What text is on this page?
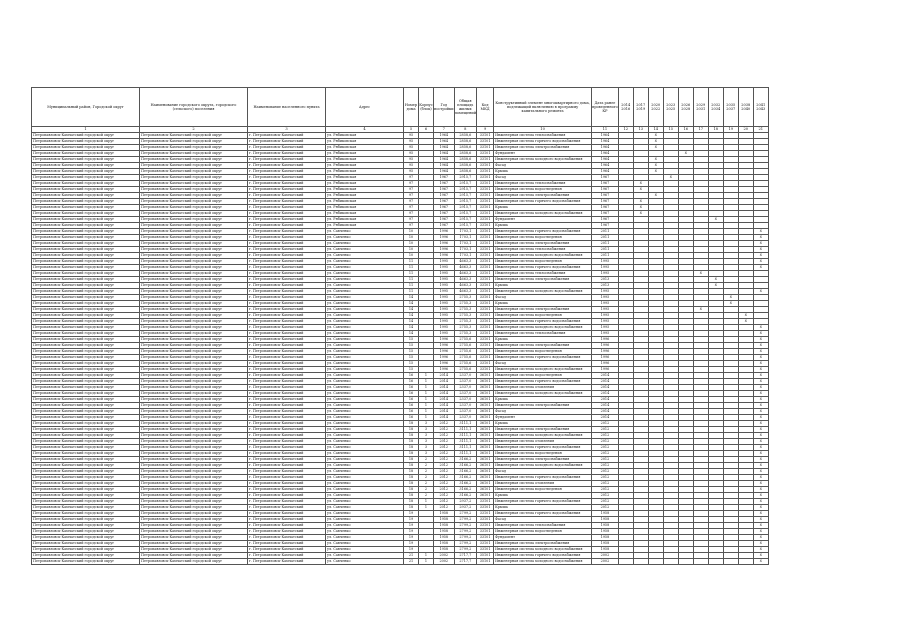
Муниципальный район, Городской округ	Наименование городского округа, городского (сельского) поселения	Наименование населенного пункта	Адрес	Номер дома	Корпус (блок)	Год постройки	Общая площадь жилых помещений	Код МКД	Конструктивный элемент многоквартирного дома, подлежащий включению в программу капитального ремонта	Дата ранее проведенного КР	2014 2016	2017 2019	2020 2022	2023 2025	2026 2028	2029 2031	2032 2034	2035 2037	2038 2040	2041 2043
1	2	3	4	5	6	7	8	9	10	11	12	13	14	15	16	17	18	19	20	21
Петропавловск-Камчатский городской округ	Петропавловск-Камчатский городской округ	г. Петропавловск-Камчатский	ул. Рябиковская	95		1964	2858,6	33101	Инженерная система теплоснабжения	1964			X							
Петропавловск-Камчатский городской округ	Петропавловск-Камчатский городской округ	г. Петропавловск-Камчатский	ул. Рябиковская	95		1964	2858,6	33101	Инженерная система горячего водоснабжения	1964			X							
Петропавловск-Камчатский городской округ	Петропавловск-Камчатский городской округ	г. Петропавловск-Камчатский	ул. Рябиковская	95		1964	2858,6	33101	Инженерная система электроснабжения	1964			X							
Петропавловск-Камчатский городской округ	Петропавловск-Камчатский городской округ	г. Петропавловск-Камчатский	ул. Рябиковская	95		1964	2858,6	33101	Фундамент	1964					X					
Петропавловск-Камчатский городской округ	Петропавловск-Камчатский городской округ	г. Петропавловск-Камчатский	ул. Рябиковская	95		1964	2858,6	33101	Инженерная система холодного водоснабжения	1964			X							
Петропавловск-Камчатский городской округ	Петропавловск-Камчатский городской округ	г. Петропавловск-Камчатский	ул. Рябиковская	95		1964	2858,6	33101	Фасад	1964			X							
Петропавловск-Камчатский городской округ	Петропавловск-Камчатский городской округ	г. Петропавловск-Камчатский	ул. Рябиковская	95		1964	2858,6	33101	Крыша	1964			X							
Петропавловск-Камчатский городской округ	Петропавловск-Камчатский городской округ	г. Петропавловск-Камчатский	ул. Рябиковская	97		1967	2915,7	33101	Фасад	1967				X						
Петропавловск-Камчатский городской округ	Петропавловск-Камчатский городской округ	г. Петропавловск-Камчатский	ул. Рябиковская	97		1967	2915,7	33101	Инженерная система теплоснабжения	1967		X								
Петропавловск-Камчатский городской округ	Петропавловск-Камчатский городской округ	г. Петропавловск-Камчатский	ул. Рябиковская	97		1967	2915,7	33101	Инженерная система водоотведения	1967		X								
Петропавловск-Камчатский городской округ	Петропавловск-Камчатский городской округ	г. Петропавловск-Камчатский	ул. Рябиковская	97		1967	2915,7	33101	Инженерная система электроснабжения	1967			X							
Петропавловск-Камчатский городской округ	Петропавловск-Камчатский городской округ	г. Петропавловск-Камчатский	ул. Рябиковская	97		1967	2915,7	33101	Инженерная система горячего водоснабжения	1967		X								
Петропавловск-Камчатский городской округ	Петропавловск-Камчатский городской округ	г. Петропавловск-Камчатский	ул. Рябиковская	97		1967	2915,7	33101	Крыша	1967		X								
Петропавловск-Камчатский городской округ	Петропавловск-Камчатский городской округ	г. Петропавловск-Камчатский	ул. Рябиковская	97		1967	2915,7	33101	Инженерная система холодного водоснабжения	1967		X								
Петропавловск-Камчатский городской округ	Петропавловск-Камчатский городской округ	г. Петропавловск-Камчатский	ул. Рябиковская	97		1967	2915,7	33101	Фундамент	1967							X			
Петропавловск-Камчатский городской округ	Петропавловск-Камчатский городской округ	г. Петропавловск-Камчатский	ул. Рябиковская	97		1967	2915,7	33101	Крыша	1967										
Петропавловск-Камчатский городской округ	Петропавловск-Камчатский городской округ	г. Петропавловск-Камчатский	ул. Савченко	10		1996	1703,1	33101	Инженерная система горячего водоснабжения	2011										X
Петропавловск-Камчатский городской округ	Петропавловск-Камчатский городской округ	г. Петропавловск-Камчатский	ул. Савченко	10		1996	1703,1	33101	Инженерная система водоотведения	2011										X
Петропавловск-Камчатский городской округ	Петропавловск-Камчатский городской округ	г. Петропавловск-Камчатский	ул. Савченко	10		1996	1703,1	33101	Инженерная система электроснабжения	2011										X
Петропавловск-Камчатский городской округ	Петропавловск-Камчатский городской округ	г. Петропавловск-Камчатский	ул. Савченко	10		1996	1703,1	33101	Инженерная система теплоснабжения	2011										X
Петропавловск-Камчатский городской округ	Петропавловск-Камчатский городской округ	г. Петропавловск-Камчатский	ул. Савченко	10		1996	1703,1	33101	Инженерная система холодного водоснабжения	2011										X
Петропавловск-Камчатский городской округ	Петропавловск-Камчатский городской округ	г. Петропавловск-Камчатский	ул. Савченко	11		1995	4663,3	33101	Инженерная система водоотведения	1995										X
Петропавловск-Камчатский городской округ	Петропавловск-Камчатский городской округ	г. Петропавловск-Камчатский	ул. Савченко	11		1995	4663,3	33101	Инженерная система горячего водоснабжения	1995										X
Петропавловск-Камчатский городской округ	Петропавловск-Камчатский городской округ	г. Петропавловск-Камчатский	ул. Савченко	11		1995	4663,3	33101	Инженерная система теплоснабжения	1995						X				
Петропавловск-Камчатский городской округ	Петропавловск-Камчатский городской округ	г. Петропавловск-Камчатский	ул. Савченко	11		1995	4663,3	33101	Инженерная система электроснабжения	2013							X			
Петропавловск-Камчатский городской округ	Петропавловск-Камчатский городской округ	г. Петропавловск-Камчатский	ул. Савченко	11		1995	4663,3	33101	Крыша	2013							X			
Петропавловск-Камчатский городской округ	Петропавловск-Камчатский городской округ	г. Петропавловск-Камчатский	ул. Савченко	11		1995	4663,3	33101	Инженерная система холодного водоснабжения	1995										X
Петропавловск-Камчатский городской округ	Петропавловск-Камчатский городской округ	г. Петропавловск-Камчатский	ул. Савченко	14		1995	2755,3	33101	Фасад	1995								X		
Петропавловск-Камчатский городской округ	Петропавловск-Камчатский городской округ	г. Петропавловск-Камчатский	ул. Савченко	14		1995	2755,3	33101	Крыша	1995								X		
Петропавловск-Камчатский городской округ	Петропавловск-Камчатский городской округ	г. Петропавловск-Камчатский	ул. Савченко	14		1995	2755,3	33101	Инженерная система электроснабжения	1995						X				
Петропавловск-Камчатский городской округ	Петропавловск-Камчатский городской округ	г. Петропавловск-Камчатский	ул. Савченко	14		1995	2755,3	33101	Инженерная система водоотведения	1995									X	
Петропавловск-Камчатский городской округ	Петропавловск-Камчатский городской округ	г. Петропавловск-Камчатский	ул. Савченко	14		1995	2755,3	33101	Инженерная система горячего водоснабжения	1995									X	
Петропавловск-Камчатский городской округ	Петропавловск-Камчатский городской округ	г. Петропавловск-Камчатский	ул. Савченко	14		1995	2755,3	33101	Инженерная система холодного водоснабжения	1995										X
Петропавловск-Камчатский городской округ	Петропавловск-Камчатский городской округ	г. Петропавловск-Камчатский	ул. Савченко	14		1995	2755,3	33101	Инженерная система теплоснабжения	1995										X
Петропавловск-Камчатский городской округ	Петропавловск-Камчатский городской округ	г. Петропавловск-Камчатский	ул. Савченко	15		1996	2755,6	33101	Крыша	1996										X
Петропавловск-Камчатский городской округ	Петропавловск-Камчатский городской округ	г. Петропавловск-Камчатский	ул. Савченко	15		1996	2755,6	33101	Инженерная система электроснабжения	1996										X
Петропавловск-Камчатский городской округ	Петропавловск-Камчатский городской округ	г. Петропавловск-Камчатский	ул. Савченко	15		1996	2755,6	33101	Инженерная система водоотведения	1996										X
Петропавловск-Камчатский городской округ	Петропавловск-Камчатский городской округ	г. Петропавловск-Камчатский	ул. Савченко	15		1996	2755,6	33101	Инженерная система горячего водоснабжения	1996										X
Петропавловск-Камчатский городской округ	Петропавловск-Камчатский городской округ	г. Петропавловск-Камчатский	ул. Савченко	15		1996	2755,6	33101	Фасад	1996										X
Петропавловск-Камчатский городской округ	Петропавловск-Камчатский городской округ	г. Петропавловск-Камчатский	ул. Савченко	15		1996	2755,6	33101	Инженерная система холодного водоснабжения	1996										X
Петропавловск-Камчатский городской округ	Петропавловск-Камчатский городской округ	г. Петропавловск-Камчатский	ул. Савченко	16	1	2014	2337,0	36101	Инженерная система водоотведения	2014										X
Петропавловск-Камчатский городской округ	Петропавловск-Камчатский городской округ	г. Петропавловск-Камчатский	ул. Савченко	16	1	2014	2337,0	36101	Инженерная система горячего водоснабжения	2014										X
Петропавловск-Камчатский городской округ	Петропавловск-Камчатский городской округ	г. Петропавловск-Камчатский	ул. Савченко	16	1	2014	2337,0	36101	Инженерная система отопления	2014										X
Петропавловск-Камчатский городской округ	Петропавловск-Камчатский городской округ	г. Петропавловск-Камчатский	ул. Савченко	16	1	2014	2337,0	36101	Инженерная система холодного водоснабжения	2014										X
Петропавловск-Камчатский городской округ	Петропавловск-Камчатский городской округ	г. Петропавловск-Камчатский	ул. Савченко	16	1	2014	2337,0	36101	Крыша	2014										X
Петропавловск-Камчатский городской округ	Петропавловск-Камчатский городской округ	г. Петропавловск-Камчатский	ул. Савченко	16	1	2014	2337,0	36101	Инженерная система электроснабжения	2014										X
Петропавловск-Камчатский городской округ	Петропавловск-Камчатский городской округ	г. Петропавловск-Камчатский	ул. Савченко	16	1	2014	2337,0	36101	Фасад	2014										X
Петропавловск-Камчатский городской округ	Петропавловск-Камчатский городской округ	г. Петропавловск-Камчатский	ул. Савченко	16	1	2014	2337,0	36101	Фундамент	2014										X
Петропавловск-Камчатский городской округ	Петропавловск-Камчатский городской округ	г. Петропавловск-Камчатский	ул. Савченко	18	3	2012	3111,1	36101	Крыша	2012										X
Петропавловск-Камчатский городской округ	Петропавловск-Камчатский городской округ	г. Петропавловск-Камчатский	ул. Савченко	18	3	2012	3111,1	36101	Инженерная система электроснабжения	2012										X
Петропавловск-Камчатский городской округ	Петропавловск-Камчатский городской округ	г. Петропавловск-Камчатский	ул. Савченко	18	3	2012	3111,1	36101	Инженерная система холодного водоснабжения	2012										X
Петропавловск-Камчатский городской округ	Петропавловск-Камчатский городской округ	г. Петропавловск-Камчатский	ул. Савченко	18	3	2012	3111,1	36101	Инженерная система отопления	2012										X
Петропавловск-Камчатский городской округ	Петропавловск-Камчатский городской округ	г. Петропавловск-Камчатский	ул. Савченко	18	3	2012	3111,1	36101	Инженерная система горячего водоснабжения	2012										X
Петропавловск-Камчатский городской округ	Петропавловск-Камчатский городской округ	г. Петропавловск-Камчатский	ул. Савченко	18	3	2012	3111,1	36101	Инженерная система водоотведения	2012										X
Петропавловск-Камчатский городской округ	Петропавловск-Камчатский городской округ	г. Петропавловск-Камчатский	ул. Савченко	18	2	2012	3166,2	36101	Инженерная система электроснабжения	2012										X
Петропавловск-Камчатский городской округ	Петропавловск-Камчатский городской округ	г. Петропавловск-Камчатский	ул. Савченко	18	2	2012	3166,2	36101	Инженерная система холодного водоснабжения	2012										X
Петропавловск-Камчатский городской округ	Петропавловск-Камчатский городской округ	г. Петропавловск-Камчатский	ул. Савченко	18	2	2012	3166,2	36101	Фасад	2012										X
Петропавловск-Камчатский городской округ	Петропавловск-Камчатский городской округ	г. Петропавловск-Камчатский	ул. Савченко	18	2	2012	3166,2	36101	Инженерная система горячего водоснабжения	2012										X
Петропавловск-Камчатский городской округ	Петропавловск-Камчатский городской округ	г. Петропавловск-Камчатский	ул. Савченко	18	2	2012	3166,2	36101	Инженерная система отопления	2012										X
Петропавловск-Камчатский городской округ	Петропавловск-Камчатский городской округ	г. Петропавловск-Камчатский	ул. Савченко	18	2	2012	3166,2	36101	Инженерная система водоотведения	2012										X
Петропавловск-Камчатский городской округ	Петропавловск-Камчатский городской округ	г. Петропавловск-Камчатский	ул. Савченко	18	2	2012	3166,2	36101	Крыша	2012										X
Петропавловск-Камчатский городской округ	Петропавловск-Камчатский городской округ	г. Петропавловск-Камчатский	ул. Савченко	18	1	2012	2937,2	33101	Инженерная система горячего водоснабжения	2012										X
Петропавловск-Камчатский городской округ	Петропавловск-Камчатский городской округ	г. Петропавловск-Камчатский	ул. Савченко	18	1	2012	2937,2	33101	Крыша	2012										X
Петропавловск-Камчатский городской округ	Петропавловск-Камчатский городской округ	г. Петропавловск-Камчатский	ул. Савченко	19		1958	2799,2	33101	Инженерная система горячего водоснабжения	1958										X
Петропавловск-Камчатский городской округ	Петропавловск-Камчатский городской округ	г. Петропавловск-Камчатский	ул. Савченко	19		1958	2799,2	33101	Фасад	1958										X
Петропавловск-Камчатский городской округ	Петропавловск-Камчатский городской округ	г. Петропавловск-Камчатский	ул. Савченко	19		1958	2799,2	33101	Инженерная система теплоснабжения	1958										X
Петропавловск-Камчатский городской округ	Петропавловск-Камчатский городской округ	г. Петропавловск-Камчатский	ул. Савченко	19		1958	2799,2	33101	Инженерная система водоотведения	1958										X
Петропавловск-Камчатский городской округ	Петропавловск-Камчатский городской округ	г. Петропавловск-Камчатский	ул. Савченко	19		1958	2799,2	33101	Фундамент	1958										X
Петропавловск-Камчатский городской округ	Петропавловск-Камчатский городской округ	г. Петропавловск-Камчатский	ул. Савченко	19		1958	2799,2	33101	Инженерная система электроснабжения	1958										X
Петропавловск-Камчатский городской округ	Петропавловск-Камчатский городской округ	г. Петропавловск-Камчатский	ул. Савченко	19		1958	2799,2	33101	Инженерная система холодного водоснабжения	1958										X
Петропавловск-Камчатский городской округ	Петропавловск-Камчатский городской округ	г. Петропавловск-Камчатский	ул. Савченко	21	1	2002	2717,7	35101	Инженерная система горячего водоснабжения	2002										X
Петропавловск-Камчатский городской округ	Петропавловск-Камчатский городской округ	г. Петропавловск-Камчатский	ул. Савченко	21	1	2002	2717,7	35101	Инженерная система холодного водоснабжения	2002										X
